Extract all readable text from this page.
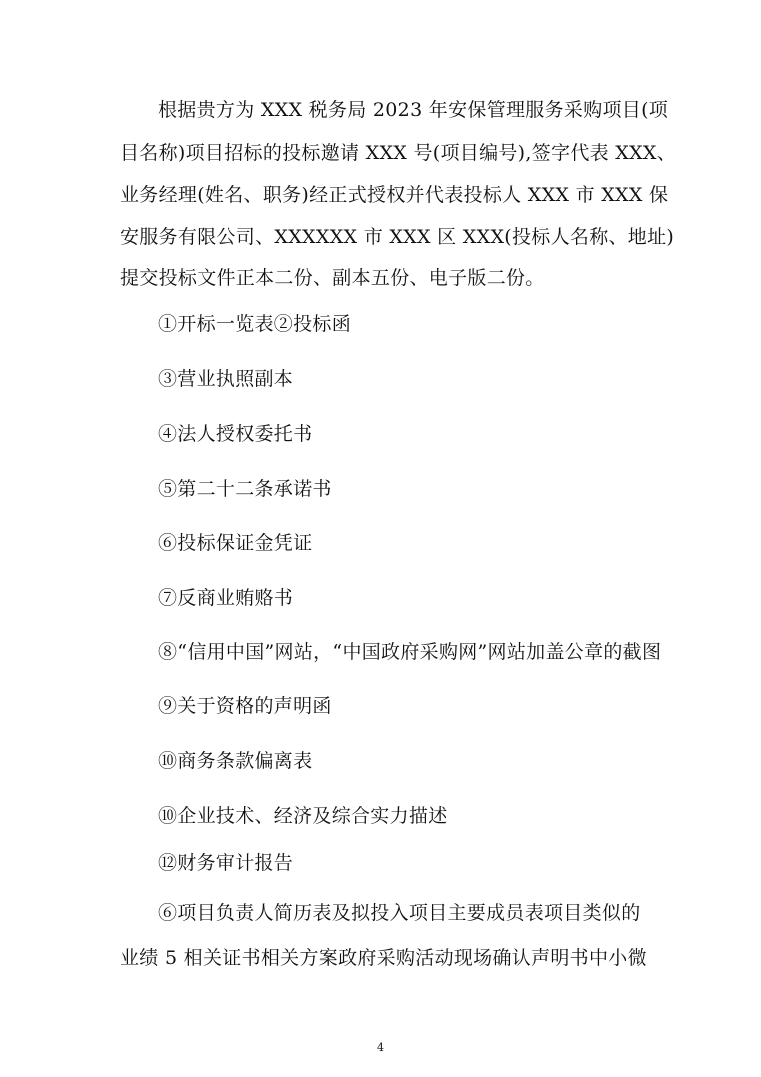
根据贵方为 XXX 税务局 2023 年安保管理服务采购项目(项
目名称)项目招标的投标邀请 XXX 号(项目编号),签字代表 XXX、
业务经理(姓名、职务)经正式授权并代表投标人 XXX 市 XXX 保
安服务有限公司、XXXXXX 市 XXX 区 XXX(投标人名称、地址)
提交投标文件正本二份、副本五份、电子版二份。
①开标一览表②投标函
③营业执照副本
④法人授权委托书
⑤第二十二条承诺书
⑥投标保证金凭证
⑦反商业贿赂书
⑧“信用中国”网站，“中国政府采购网”网站加盖公章的截图
⑨关于资格的声明函
⑩商务条款偏离表
⑩企业技术、经济及综合实力描述
⑫财务审计报告
⑥项目负责人简历表及拟投入项目主要成员表项目类似的
业绩 5 相关证书相关方案政府采购活动现场确认声明书中小微
4
